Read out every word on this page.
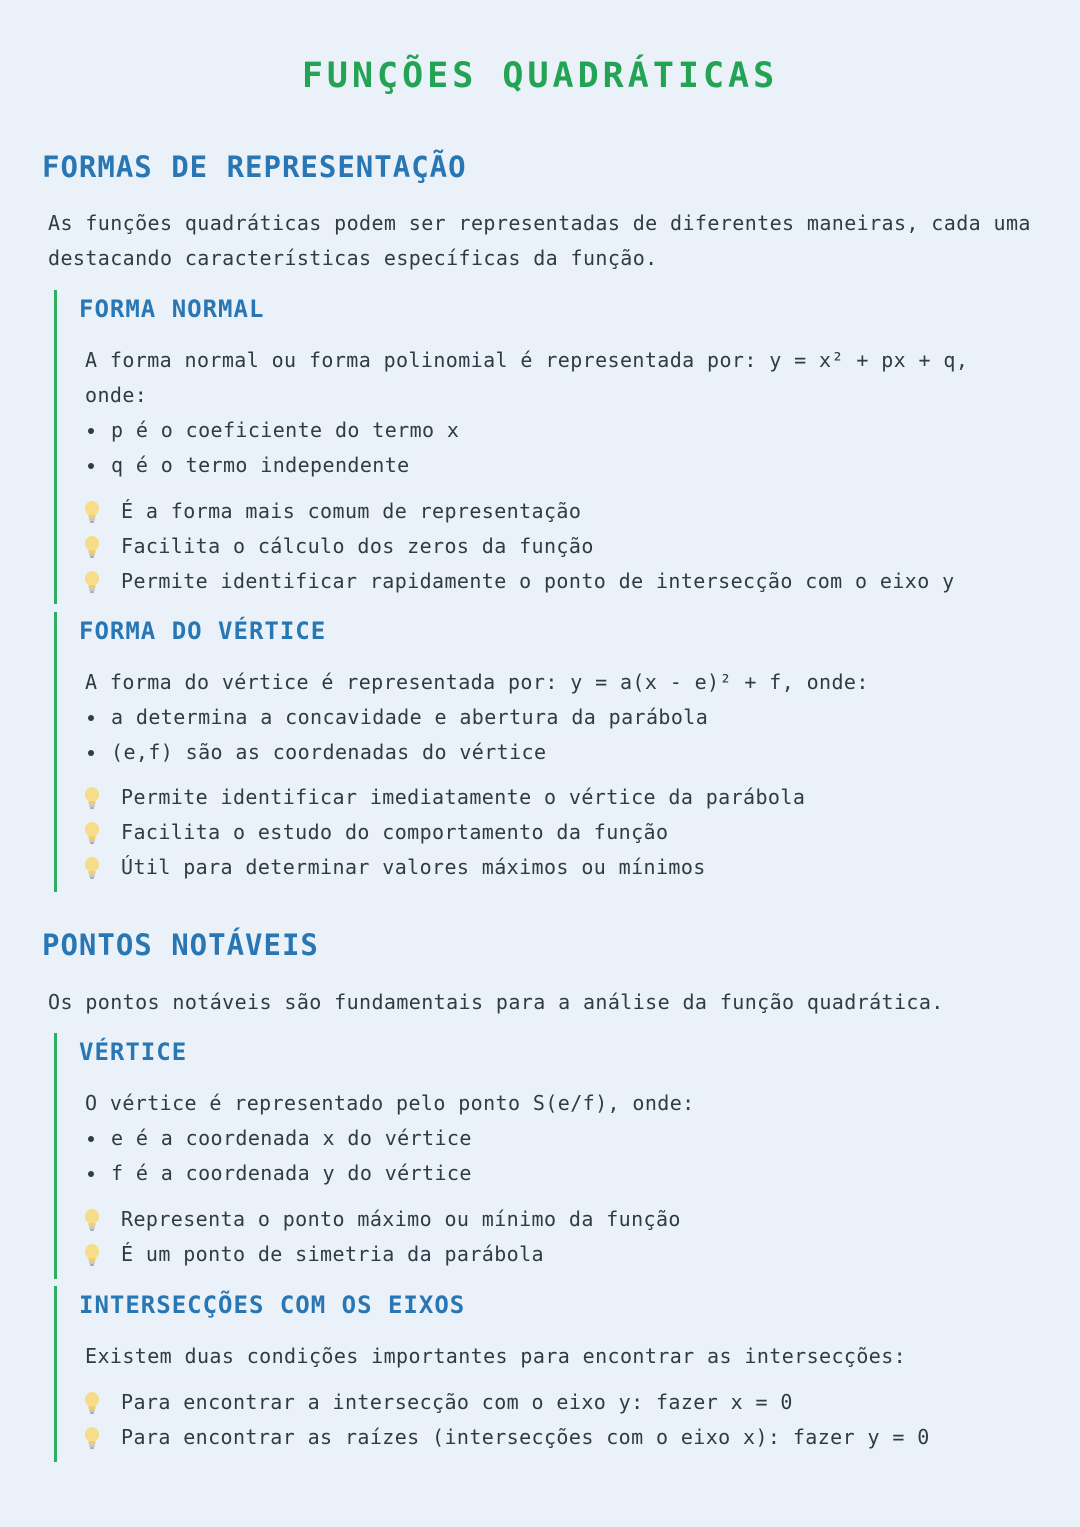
FUNÇÕES QUADRÁTICAS
FORMAS DE REPRESENTAÇÃO

As funções quadráticas podem ser representadas de diferentes maneiras, cada uma destacando características específicas da função.

FORMA NORMAL

A forma normal ou forma polinomial é representada por: y = x² + px + q, onde:

p é o coeficiente do termo x
q é o termo independente
É a forma mais comum de representação
Facilita o cálculo dos zeros da função
Permite identificar rapidamente o ponto de intersecção com o eixo y
FORMA DO VÉRTICE

A forma do vértice é representada por: y = a(x - e)² + f, onde:

a determina a concavidade e abertura da parábola
(e,f) são as coordenadas do vértice
Permite identificar imediatamente o vértice da parábola
Facilita o estudo do comportamento da função
Útil para determinar valores máximos ou mínimos
PONTOS NOTÁVEIS

Os pontos notáveis são fundamentais para a análise da função quadrática.

VÉRTICE

O vértice é representado pelo ponto S(e/f), onde:

e é a coordenada x do vértice
f é a coordenada y do vértice
Representa o ponto máximo ou mínimo da função
É um ponto de simetria da parábola
INTERSECÇÕES COM OS EIXOS

Existem duas condições importantes para encontrar as intersecções:

Para encontrar a intersecção com o eixo y: fazer x = 0
Para encontrar as raízes (intersecções com o eixo x): fazer y = 0
